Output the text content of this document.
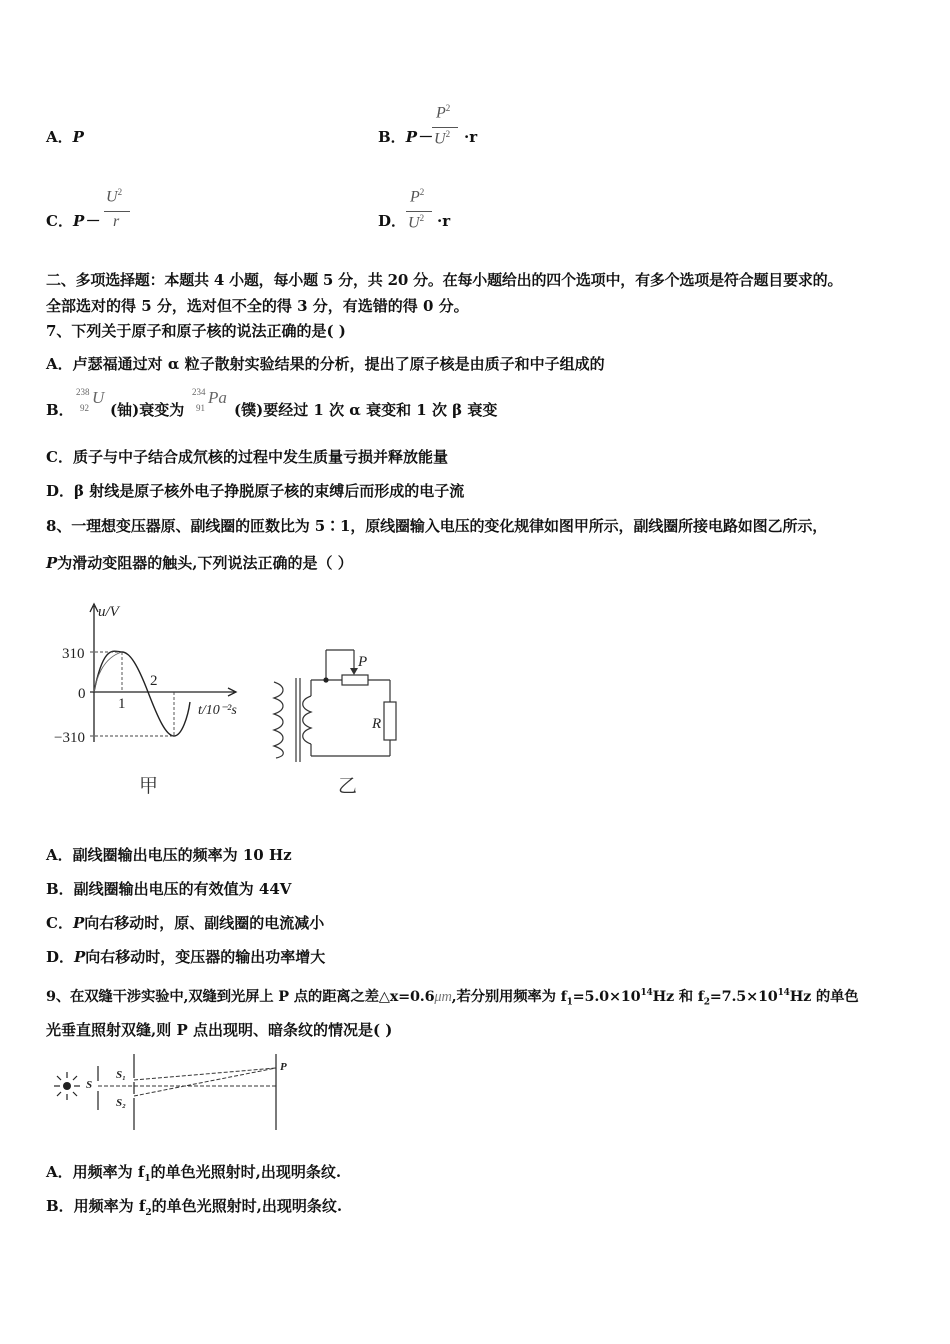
A．P	B．P－
$P^2$
$U^2 \cdot r$
C．P－
$U^2$
r	D．
$P^2$
$U^2 \cdot r$
二、多项选择题：本题共 4 小题，每小题 5 分，共 20 分。在每小题给出的四个选项中，有多个选项是符合题目要求的。
全部选对的得 5 分，选对但不全的得 3 分，有选错的得 0 分。
7、下列关于原子和原子核的说法正确的是( )
A．卢瑟福通过对 α 粒子散射实验结果的分析，提出了原子核是由质子和中子组成的
B．
238
92
U
(铀)衰变为
234
91
Pa
(镤)要经过 1 次 α 衰变和 1 次 β 衰变
C．质子与中子结合成氘核的过程中发生质量亏损并释放能量
D．β 射线是原子核外电子挣脱原子核的束缚后而形成的电子流
8、一理想变压器原、副线圈的匝数比为 5∶1，原线圈输入电压的变化规律如图甲所示，副线圈所接电路如图乙所示，
P为滑动变阻器的触头,下列说法正确的是（ ）
u/V
310
0
−310
1
2
t/10⁻²s
甲
P
R
乙
A．副线圈输出电压的频率为 10 Hz
B．副线圈输出电压的有效值为 44V
C．P向右移动时，原、副线圈的电流减小
D．P向右移动时，变压器的输出功率增大
9、在双缝干涉实验中,双缝到光屏上 P 点的距离之差△x=0.6μm,若分别用频率为 $f_1=5.0\times 10^{14}Hz$ 和 $f_2=7.5\times 10^{14}Hz$ 的单色
光垂直照射双缝,则 P 点出现明、暗条纹的情况是( )
S
S₁
S₂
P
A．用频率为 $f_1$的单色光照射时,出现明条纹.
B．用频率为 $f_2$的单色光照射时,出现明条纹.
